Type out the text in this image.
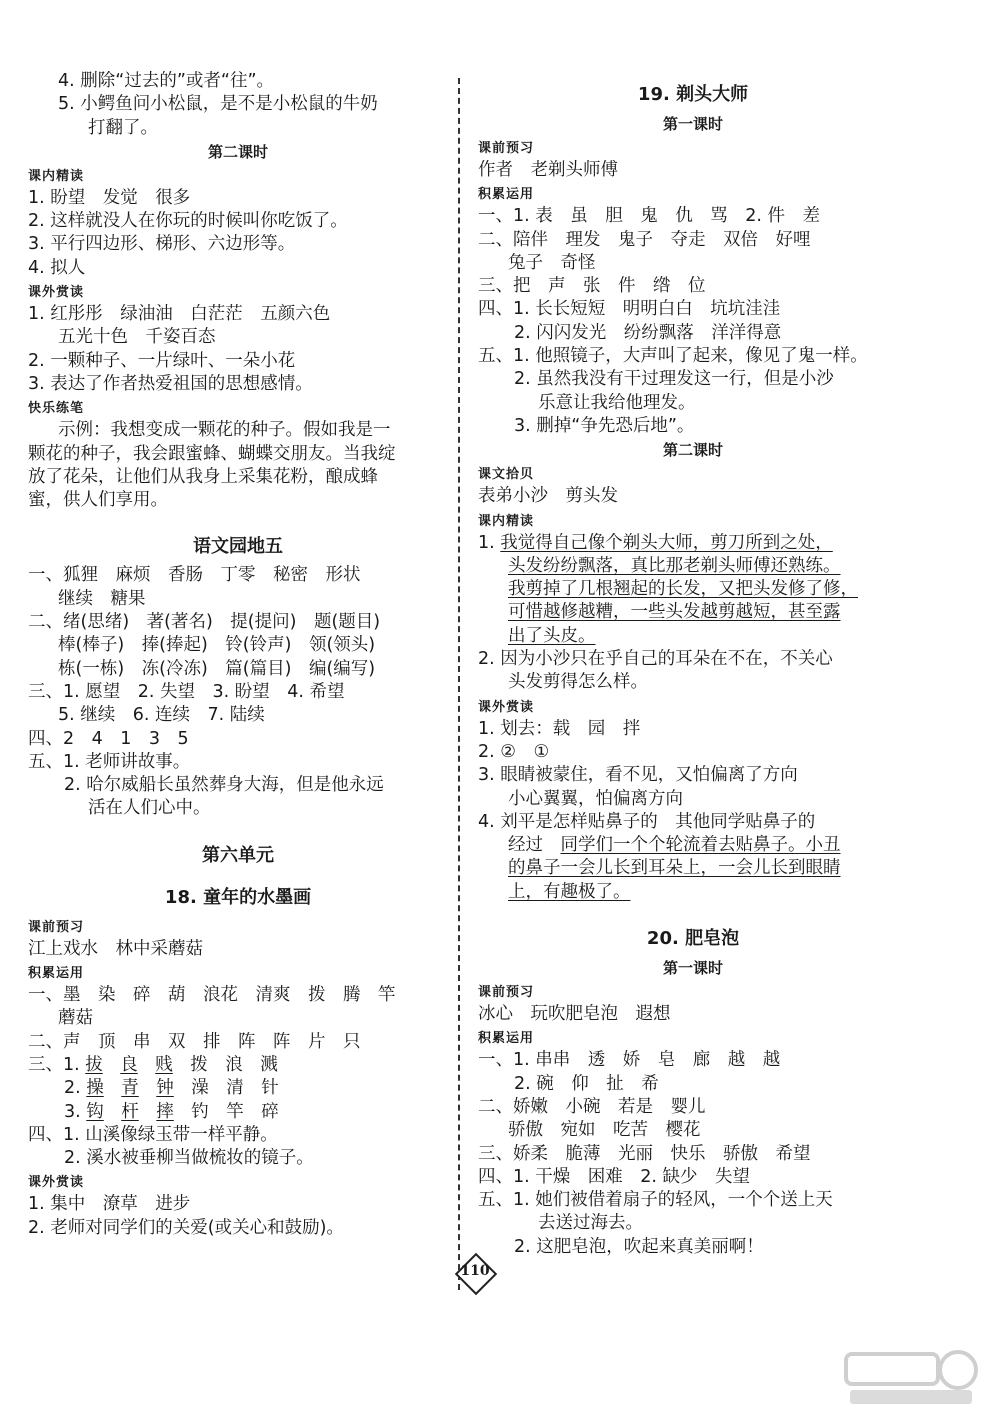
4. 删除“过去的”或者“往”。
5. 小鳄鱼问小松鼠，是不是小松鼠的牛奶
打翻了。
第二课时
课内精读
1. 盼望　发觉　很多
2. 这样就没人在你玩的时候叫你吃饭了。
3. 平行四边形、梯形、六边形等。
4. 拟人
课外赏读
1. 红彤彤　绿油油　白茫茫　五颜六色
五光十色　千姿百态
2. 一颗种子、一片绿叶、一朵小花
3. 表达了作者热爱祖国的思想感情。
快乐练笔
示例：我想变成一颗花的种子。假如我是一
颗花的种子，我会跟蜜蜂、蝴蝶交朋友。当我绽
放了花朵，让他们从我身上采集花粉，酿成蜂
蜜，供人们享用。
语文园地五
一、狐狸　麻烦　香肠　丁零　秘密　形状
继续　糖果
二、绪(思绪)　著(著名)　提(提问)　题(题目)
棒(棒子)　捧(捧起)　铃(铃声)　领(领头)
栋(一栋)　冻(冷冻)　篇(篇目)　编(编写)
三、1. 愿望　2. 失望　3. 盼望　4. 希望
5. 继续　6. 连续　7. 陆续
四、2　4　1　3　5
五、1. 老师讲故事。
2. 哈尔威船长虽然葬身大海，但是他永远
活在人们心中。
第六单元
18. 童年的水墨画
课前预习
江上戏水　林中采蘑菇
积累运用
一、墨　染　碎　葫　浪花　清爽　拨　腾　竿
蘑菇
二、声　顶　串　双　排　阵　阵　片　只
三、1. 拔　 良　 贱　拨　浪　溅
2. 操　 青　 钟　澡　清　针
3. 钩　 杆　 摔　钓　竿　碎
四、1. 山溪像绿玉带一样平静。
2. 溪水被垂柳当做梳妆的镜子。
课外赏读
1. 集中　潦草　进步
2. 老师对同学们的关爱(或关心和鼓励)。
19. 剃头大师
第一课时
课前预习
作者　老剃头师傅
积累运用
一、1. 表　虽　胆　鬼　仇　骂　2. 件　差
二、陪伴　理发　鬼子　夺走　双倍　好哩
兔子　奇怪
三、把　声　张　件　绺　位
四、1. 长长短短　明明白白　坑坑洼洼
2. 闪闪发光　纷纷飘落　洋洋得意
五、1. 他照镜子，大声叫了起来，像见了鬼一样。
2. 虽然我没有干过理发这一行，但是小沙
乐意让我给他理发。
3. 删掉“争先恐后地”。
第二课时
课文拾贝
表弟小沙　剪头发
课内精读
1. 我觉得自己像个剃头大师，剪刀所到之处，
头发纷纷飘落，真比那老剃头师傅还熟练。
我剪掉了几根翘起的长发，又把头发修了修，
可惜越修越糟，一些头发越剪越短，甚至露
出了头皮。
2. 因为小沙只在乎自己的耳朵在不在，不关心
头发剪得怎么样。
课外赏读
1. 划去：载　园　拌
2. ②　①
3. 眼睛被蒙住，看不见，又怕偏离了方向
小心翼翼，怕偏离方向
4. 刘平是怎样贴鼻子的　其他同学贴鼻子的
经过　同学们一个个轮流着去贴鼻子。小丑
的鼻子一会儿长到耳朵上，一会儿长到眼睛
上，有趣极了。
20. 肥皂泡
第一课时
课前预习
冰心　玩吹肥皂泡　遐想
积累运用
一、1. 串串　透　娇　皂　廊　越　越
2. 碗　仰　扯　希
二、娇嫩　小碗　若是　婴儿
骄傲　宛如　吃苦　樱花
三、娇柔　脆薄　光丽　快乐　骄傲　希望
四、1. 干燥　困难　2. 缺少　失望
五、1. 她们被借着扇子的轻风，一个个送上天
去送过海去。
2. 这肥皂泡，吹起来真美丽啊！
110
